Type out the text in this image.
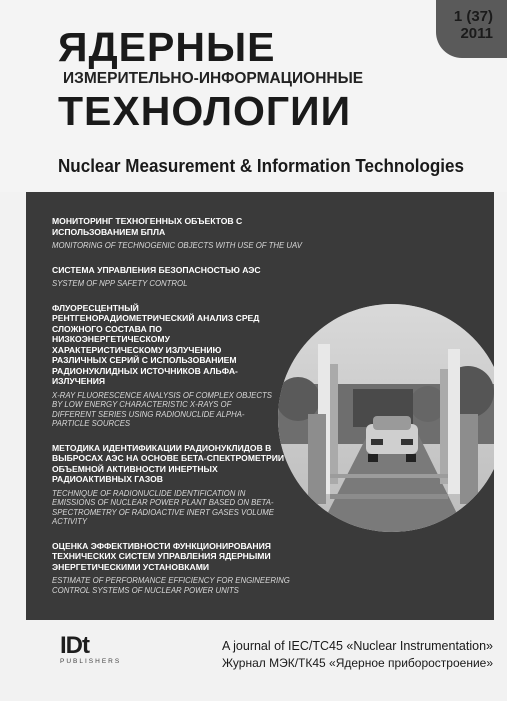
1 (37)
2011
ЯДЕРНЫЕ
ИЗМЕРИТЕЛЬНО-ИНФОРМАЦИОННЫЕ
ТЕХНОЛОГИИ
Nuclear Measurement & Information Technologies
МОНИТОРИНГ ТЕХНОГЕННЫХ ОБЪЕКТОВ С ИСПОЛЬЗОВАНИЕМ БПЛА
MONITORING OF TECHNOGENIC OBJECTS WITH USE OF THE UAV
СИСТЕМА УПРАВЛЕНИЯ БЕЗОПАСНОСТЬЮ АЭС
SYSTEM OF NPP SAFETY CONTROL
ФЛУОРЕСЦЕНТНЫЙ РЕНТГЕНОРАДИОМЕТРИЧЕСКИЙ АНАЛИЗ СРЕД СЛОЖНОГО СОСТАВА ПО НИЗКОЭНЕРГЕТИЧЕСКОМУ ХАРАКТЕРИСТИЧЕСКОМУ ИЗЛУЧЕНИЮ РАЗЛИЧНЫХ СЕРИЙ С ИСПОЛЬЗОВАНИЕМ РАДИОНУКЛИДНЫХ ИСТОЧНИКОВ АЛЬФА-ИЗЛУЧЕНИЯ
X-RAY FLUORESCENCE ANALYSIS OF COMPLEX OBJECTS BY LOW ENERGY CHARACTERISTIC X-RAYS OF DIFFERENT SERIES USING RADIONUCLIDE ALPHA-PARTICLE SOURCES
МЕТОДИКА ИДЕНТИФИКАЦИИ РАДИОНУКЛИДОВ В ВЫБРОСАХ АЭС НА ОСНОВЕ БЕТА-СПЕКТРОМЕТРИИ ОБЪЕМНОЙ АКТИВНОСТИ ИНЕРТНЫХ РАДИОАКТИВНЫХ ГАЗОВ
TECHNIQUE OF RADIONUCLIDE IDENTIFICATION IN EMISSIONS OF NUCLEAR POWER PLANT BASED ON BETA-SPECTROMETRY OF RADIOACTIVE INERT GASES VOLUME ACTIVITY
ОЦЕНКА ЭФФЕКТИВНОСТИ ФУНКЦИОНИРОВАНИЯ ТЕХНИЧЕСКИХ СИСТЕМ УПРАВЛЕНИЯ ЯДЕРНЫМИ ЭНЕРГЕТИЧЕСКИМИ УСТАНОВКАМИ
ESTIMATE OF PERFORMANCE EFFICIENCY FOR ENGINEERING CONTROL SYSTEMS OF NUCLEAR POWER UNITS
IDt
PUBLISHERS
A journal of IEC/TC45 «Nuclear Instrumentation»
Журнал МЭК/ТК45 «Ядерное приборостроение»
